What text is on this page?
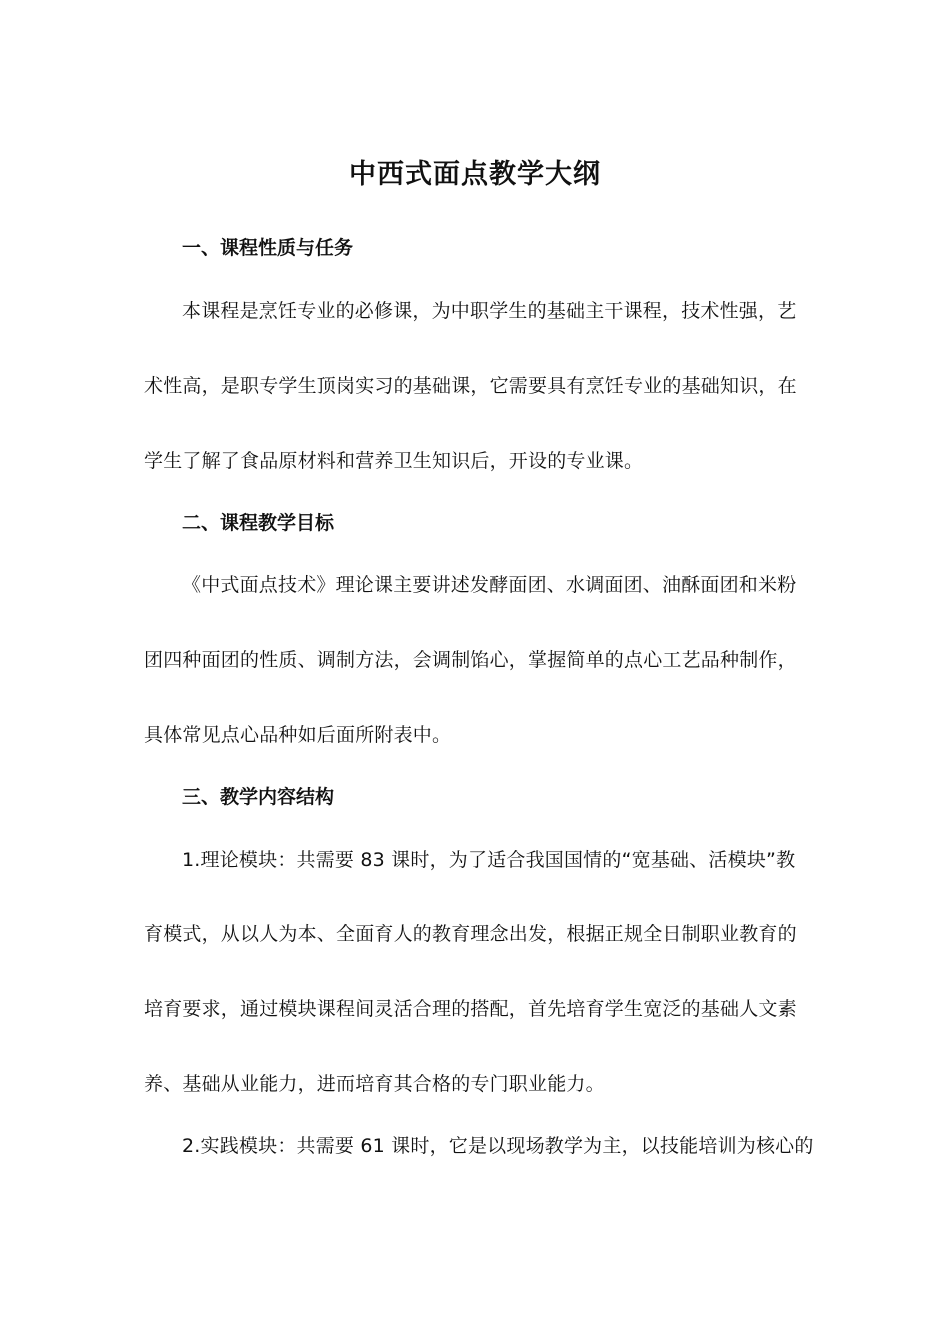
中西式面点教学大纲
一、课程性质与任务
本课程是烹饪专业的必修课，为中职学生的基础主干课程，技术性强，艺
术性高，是职专学生顶岗实习的基础课，它需要具有烹饪专业的基础知识，在
学生了解了食品原材料和营养卫生知识后，开设的专业课。
二、课程教学目标
《中式面点技术》理论课主要讲述发酵面团、水调面团、油酥面团和米粉
团四种面团的性质、调制方法，会调制馅心，掌握简单的点心工艺品种制作，
具体常见点心品种如后面所附表中。
三、教学内容结构
1.理论模块：共需要 83 课时，为了适合我国国情的“宽基础、活模块”教
育模式，从以人为本、全面育人的教育理念出发，根据正规全日制职业教育的
培育要求，通过模块课程间灵活合理的搭配，首先培育学生宽泛的基础人文素
养、基础从业能力，进而培育其合格的专门职业能力。
2.实践模块：共需要 61 课时，它是以现场教学为主，以技能培训为核心的
